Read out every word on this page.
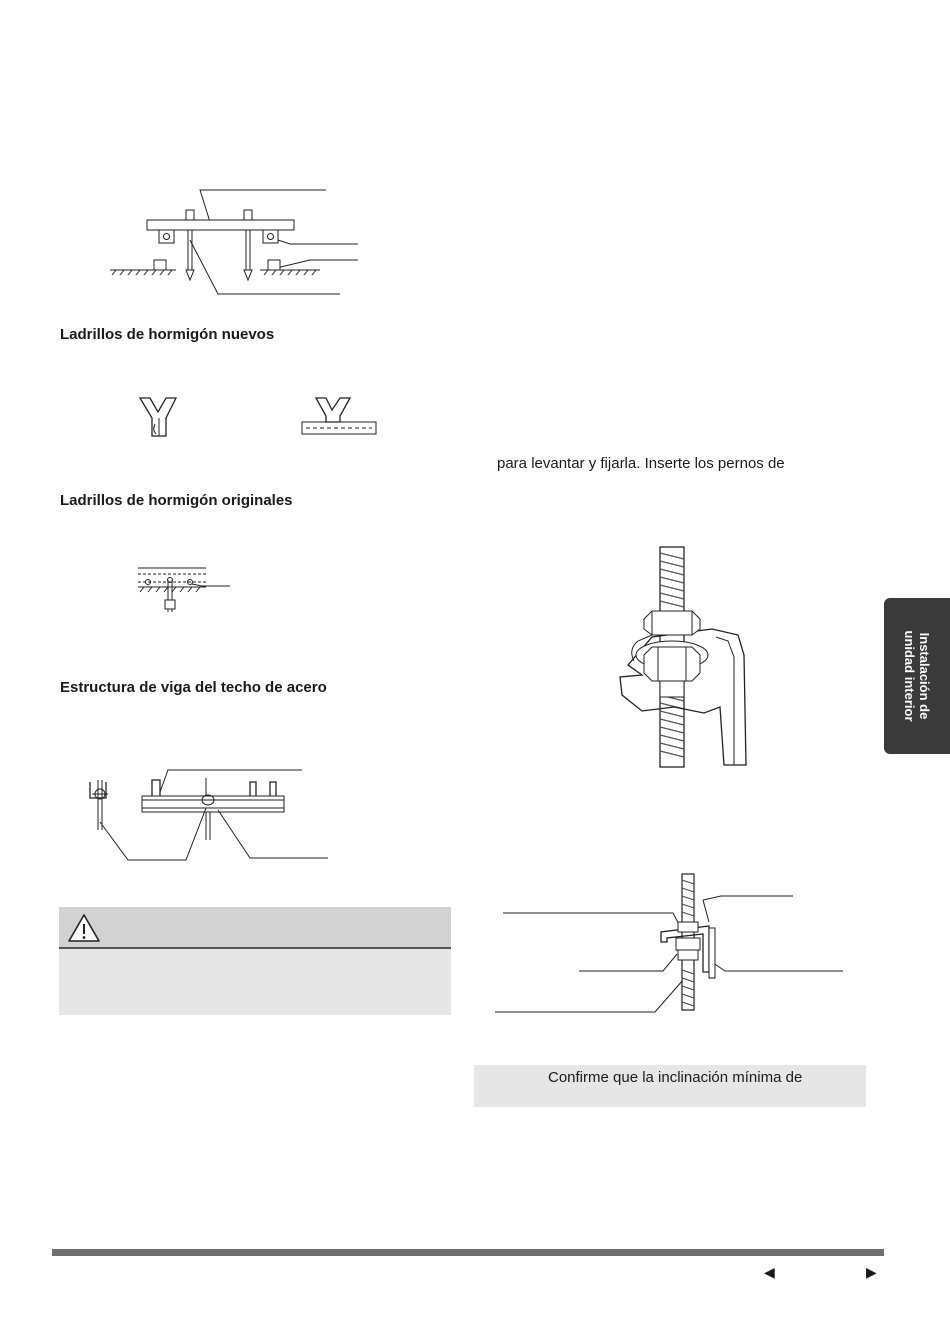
Ladrillos de hormigón nuevos
Ladrillos de hormigón originales
Estructura de viga del techo de acero
para levantar y fijarla. Inserte los pernos de
Confirme que la inclinación mínima de
Instalación de
unidad interior
◀	▶
